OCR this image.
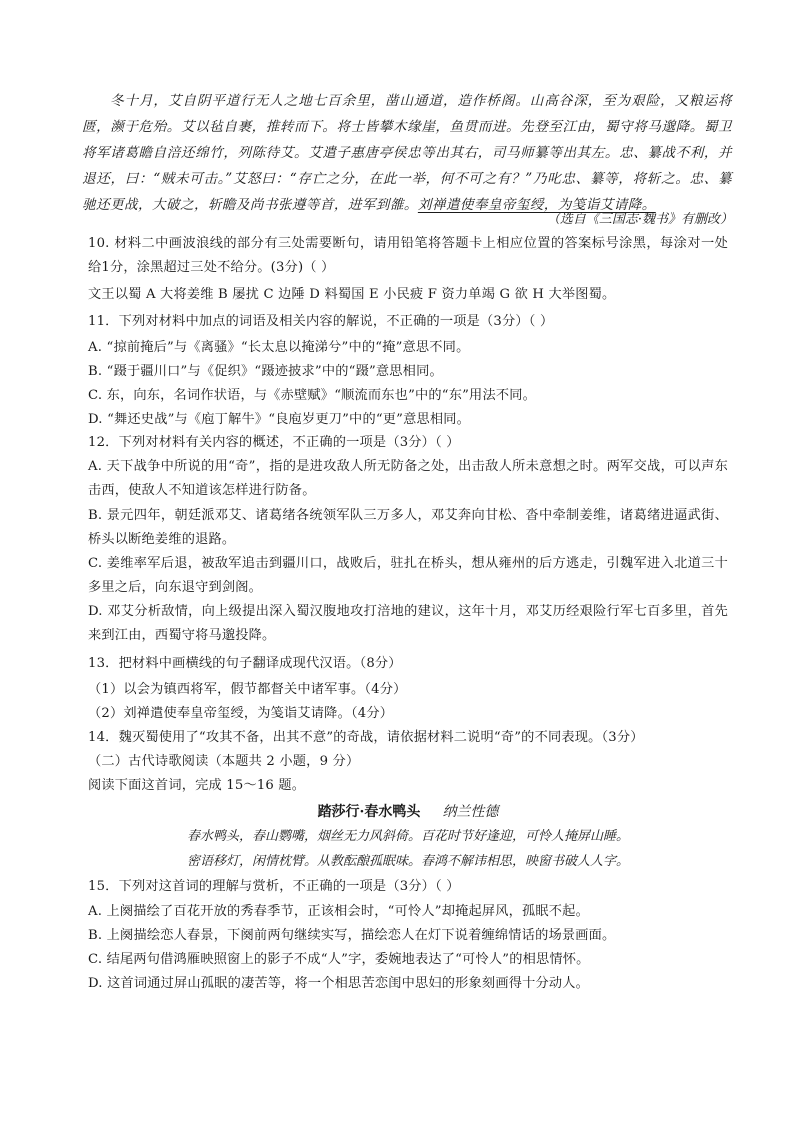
冬十月，艾自阴平道行无人之地七百余里，凿山通道，造作桥阁。山高谷深，至为艰险，又粮运将匮，濒于危殆。艾以毡自裹，推转而下。将士皆攀木缘崖，鱼贯而进。先登至江由，蜀守将马邈降。蜀卫将军诸葛瞻自涪还绵竹，列陈待艾。艾遣子惠唐亭侯忠等出其右，司马师纂等出其左。忠、纂战不利，并退还，曰：“贼未可击。”艾怒曰：“存亡之分，在此一举，何不可之有？”乃叱忠、纂等，将斩之。忠、纂驰还更战，大破之，斩瞻及尚书张遵等首，进军到雒。刘禅遣使奉皇帝玺绶，为笺诣艾请降。
（选自《三国志·魏书》有删改）
10. 材料二中画波浪线的部分有三处需要断句，请用铅笔将答题卡上相应位置的答案标号涂黑，每涂对一处给1分，涂黑超过三处不给分。(3分)（ ）
文王以蜀 A 大将姜维 B 屡扰 C 边陲 D 料蜀国 E 小民疲 F 资力单竭 G 欲 H 大举图蜀。
11．下列对材料中加点的词语及相关内容的解说，不正确的一项是（3分）（ ）
A. “掠前掩后”与《离骚》“长太息以掩涕兮”中的“掩”意思不同。
B. “蹑于疆川口”与《促织》“蹑迹披求”中的“蹑”意思相同。
C. 东，向东，名词作状语，与《赤壁赋》“顺流而东也”中的“东”用法不同。
D. “舞还史战”与《庖丁解牛》“良庖岁更刀”中的“更”意思相同。
12．下列对材料有关内容的概述，不正确的一项是（3分）（ ）
A. 天下战争中所说的用“奇”，指的是进攻敌人所无防备之处，出击敌人所未意想之时。两军交战，可以声东击西，使敌人不知道该怎样进行防备。
B. 景元四年，朝廷派邓艾、诸葛绪各统领军队三万多人，邓艾奔向甘松、沓中牵制姜维，诸葛绪进逼武街、桥头以断绝姜维的退路。
C. 姜维率军后退，被敌军追击到疆川口，战败后，驻扎在桥头，想从雍州的后方逃走，引魏军进入北道三十多里之后，向东退守到剑阁。
D. 邓艾分析敌情，向上级提出深入蜀汉腹地攻打涪地的建议，这年十月，邓艾历经艰险行军七百多里，首先来到江由，西蜀守将马邈投降。
13．把材料中画横线的句子翻译成现代汉语。（8分）
（1）以会为镇西将军，假节都督关中诸军事。（4分）
（2）刘禅遣使奉皇帝玺绶，为笺诣艾请降。（4分）
14．魏灭蜀使用了“攻其不备，出其不意”的奇战，请依据材料二说明“奇”的不同表现。（3分）
（二）古代诗歌阅读（本题共 2 小题，9 分）
阅读下面这首词，完成 15～16 题。
踏莎行·春水鸭头 纳兰性德
春水鸭头，春山鹦嘴，烟丝无力风斜倚。百花时节好逢迎，可怜人掩屏山睡。
密语移灯，闲情枕臂。从教酝酿孤眠味。春鸿不解讳相思，映窗书破人人字。
15．下列对这首词的理解与赏析，不正确的一项是（3分）（ ）
A. 上阕描绘了百花开放的秀春季节，正该相会时，“可怜人”却掩起屏风，孤眠不起。
B. 上阕描绘恋人春景，下阕前两句继续实写，描绘恋人在灯下说着缠绵情话的场景画面。
C. 结尾两句借鸿雁映照窗上的影子不成“人”字，委婉地表达了“可怜人”的相思情怀。
D. 这首词通过屏山孤眠的凄苦等，将一个相思苦恋闺中思妇的形象刻画得十分动人。
